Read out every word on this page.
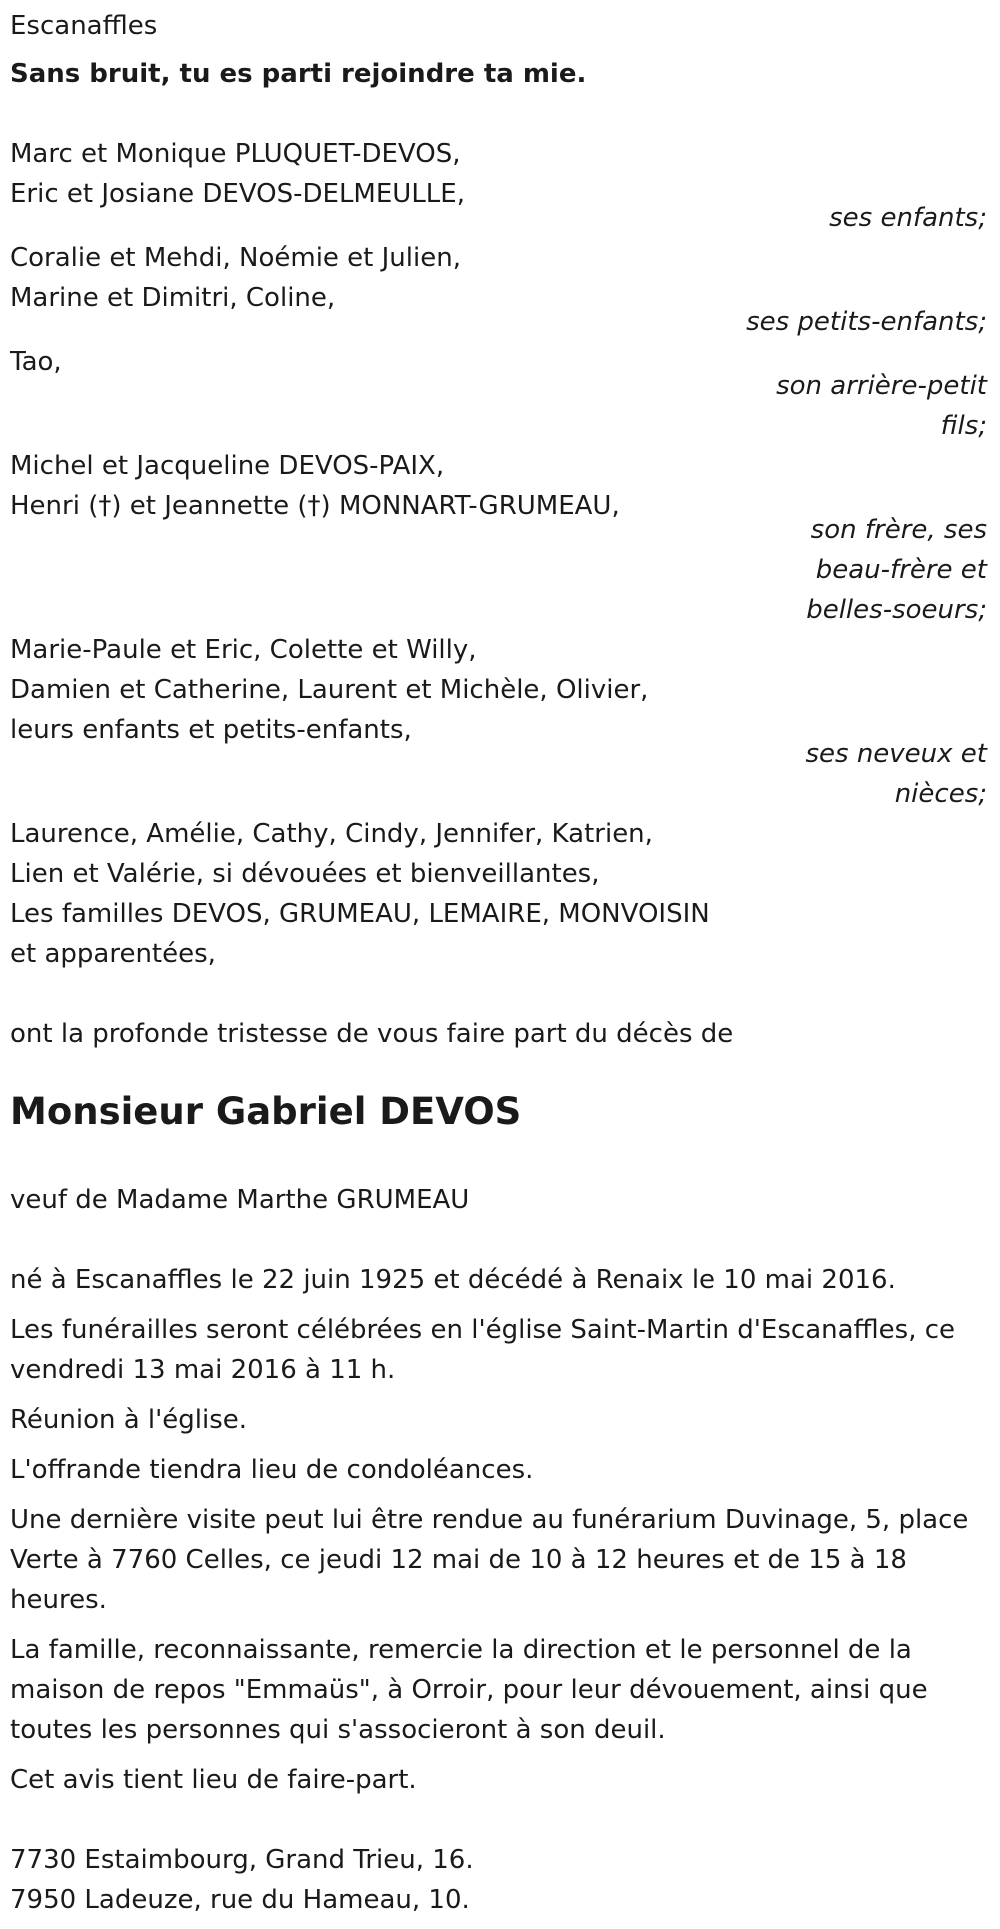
Escanaffles
Sans bruit, tu es parti rejoindre ta mie.
Marc et Monique PLUQUET-DEVOS,
Eric et Josiane DEVOS-DELMEULLE,
ses enfants;
Coralie et Mehdi, Noémie et Julien,
Marine et Dimitri, Coline,
ses petits-enfants;
Tao,
son arrière-petit
fils;
Michel et Jacqueline DEVOS-PAIX,
Henri (†) et Jeannette (†) MONNART-GRUMEAU,
son frère, ses
beau-frère et
belles-soeurs;
Marie-Paule et Eric, Colette et Willy,
Damien et Catherine, Laurent et Michèle, Olivier,
leurs enfants et petits-enfants,
ses neveux et
nièces;
Laurence, Amélie, Cathy, Cindy, Jennifer, Katrien,
Lien et Valérie, si dévouées et bienveillantes,
Les familles DEVOS, GRUMEAU, LEMAIRE, MONVOISIN
et apparentées,
ont la profonde tristesse de vous faire part du décès de
Monsieur Gabriel DEVOS
veuf de Madame Marthe GRUMEAU
né à Escanaffles le 22 juin 1925 et décédé à Renaix le 10 mai 2016.
Les funérailles seront célébrées en l'église Saint-Martin d'Escanaffles, ce
vendredi 13 mai 2016 à 11 h.
Réunion à l'église.
L'offrande tiendra lieu de condoléances.
Une dernière visite peut lui être rendue au funérarium Duvinage, 5, place
Verte à 7760 Celles, ce jeudi 12 mai de 10 à 12 heures et de 15 à 18
heures.
La famille, reconnaissante, remercie la direction et le personnel de la
maison de repos "Emmaüs", à Orroir, pour leur dévouement, ainsi que
toutes les personnes qui s'associeront à son deuil.
Cet avis tient lieu de faire-part.
7730 Estaimbourg, Grand Trieu, 16.
7950 Ladeuze, rue du Hameau, 10.
